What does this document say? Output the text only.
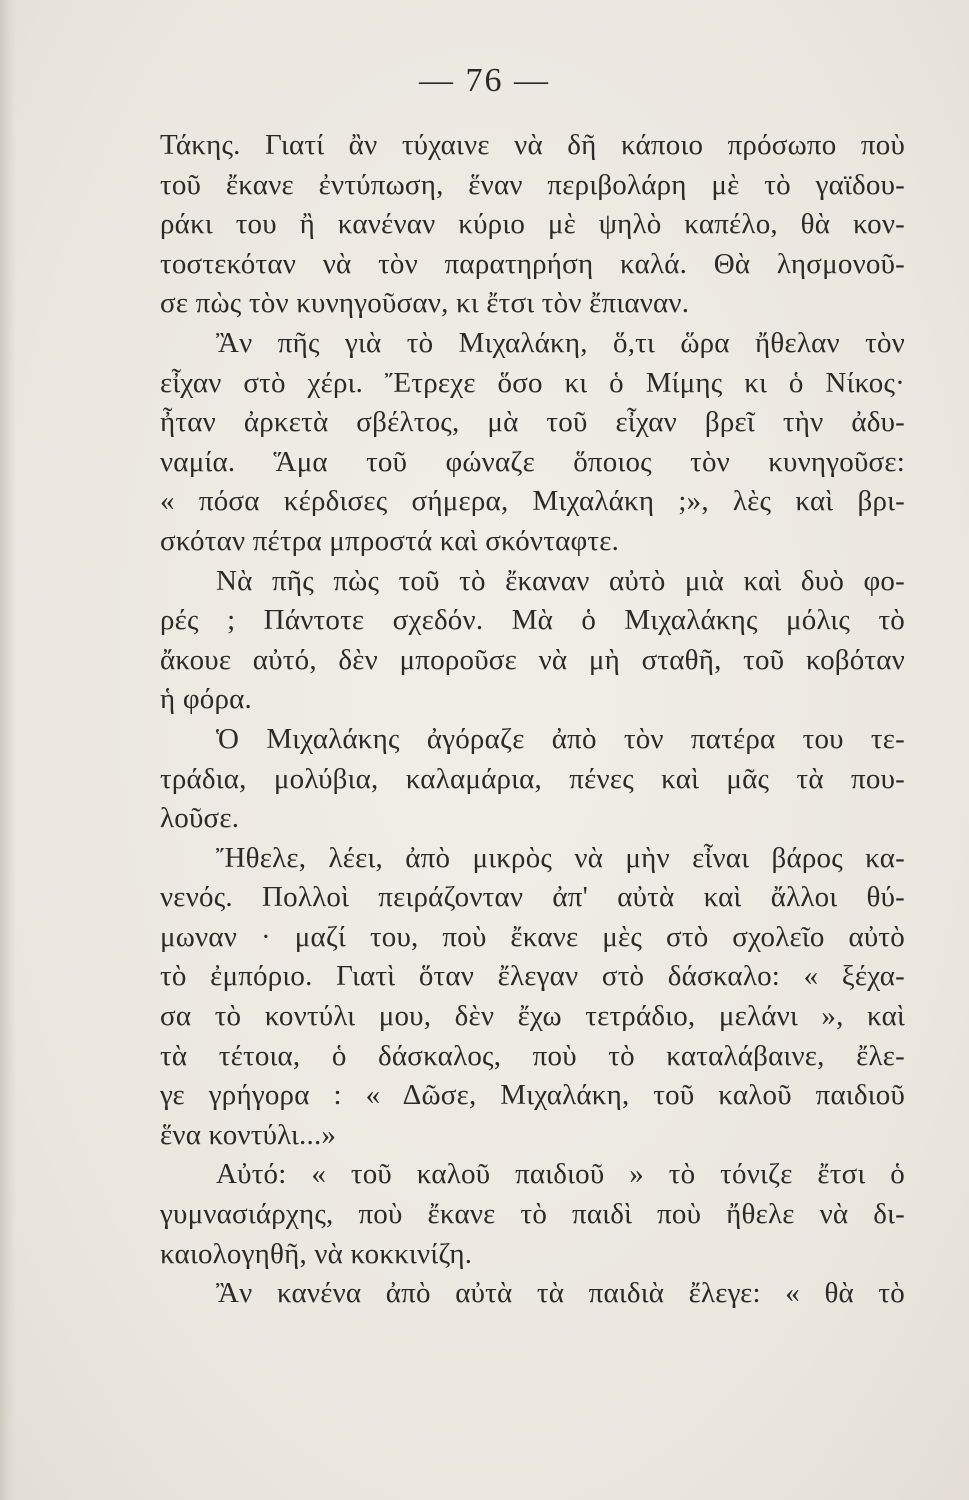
— 76 —
Τάκης. Γιατί ἂν τύχαινε νὰ δῆ κάποιο πρόσωπο ποὺ
τοῦ ἔκανε ἐντύπωση, ἕναν περιβολάρη μὲ τὸ γαϊδου-
ράκι του ἢ κανέναν κύριο μὲ ψηλὸ καπέλο, θὰ κον-
τοστεκόταν νὰ τὸν παρατηρήση καλά. Θὰ λησμονοῦ-
σε πὼς τὸν κυνηγοῦσαν, κι ἔτσι τὸν ἔπιαναν.
Ἂν πῆς γιὰ τὸ Μιχαλάκη, ὅ,τι ὥρα ἤθελαν τὸν
εἶχαν στὸ χέρι. Ἔτρεχε ὅσο κι ὁ Μίμης κι ὁ Νίκος·
ἦταν ἀρκετὰ σβέλτος, μὰ τοῦ εἶχαν βρεῖ τὴν ἀδυ-
ναμία. Ἅμα τοῦ φώναζε ὅποιος τὸν κυνηγοῦσε:
« πόσα κέρδισες σήμερα, Μιχαλάκη ;», λὲς καὶ βρι-
σκόταν πέτρα μπροστά καὶ σκόνταφτε.
Νὰ πῆς πὼς τοῦ τὸ ἔκαναν αὐτὸ μιὰ καὶ δυὸ φο-
ρές ; Πάντοτε σχεδόν. Μὰ ὁ Μιχαλάκης μόλις τὸ
ἄκουε αὐτό, δὲν μποροῦσε νὰ μὴ σταθῆ, τοῦ κοβόταν
ἡ φόρα.
Ὁ Μιχαλάκης ἀγόραζε ἀπὸ τὸν πατέρα του τε-
τράδια, μολύβια, καλαμάρια, πένες καὶ μᾶς τὰ που-
λοῦσε.
Ἤθελε, λέει, ἀπὸ μικρὸς νὰ μὴν εἶναι βάρος κα-
νενός. Πολλοὶ πειράζονταν ἀπ' αὐτὰ καὶ ἄλλοι θύ-
μωναν · μαζί του, ποὺ ἔκανε μὲς στὸ σχολεῖο αὐτὸ
τὸ ἐμπόριο. Γιατὶ ὅταν ἔλεγαν στὸ δάσκαλο: « ξέχα-
σα τὸ κοντύλι μου, δὲν ἔχω τετράδιο, μελάνι », καὶ
τὰ τέτοια, ὁ δάσκαλος, ποὺ τὸ καταλάβαινε, ἔλε-
γε γρήγορα : « Δῶσε, Μιχαλάκη, τοῦ καλοῦ παιδιοῦ
ἕνα κοντύλι...»
Αὐτό: « τοῦ καλοῦ παιδιοῦ » τὸ τόνιζε ἔτσι ὁ
γυμνασιάρχης, ποὺ ἔκανε τὸ παιδὶ ποὺ ἤθελε νὰ δι-
καιολογηθῆ, νὰ κοκκινίζη.
Ἂν κανένα ἀπὸ αὐτὰ τὰ παιδιὰ ἔλεγε: « θὰ τὸ
